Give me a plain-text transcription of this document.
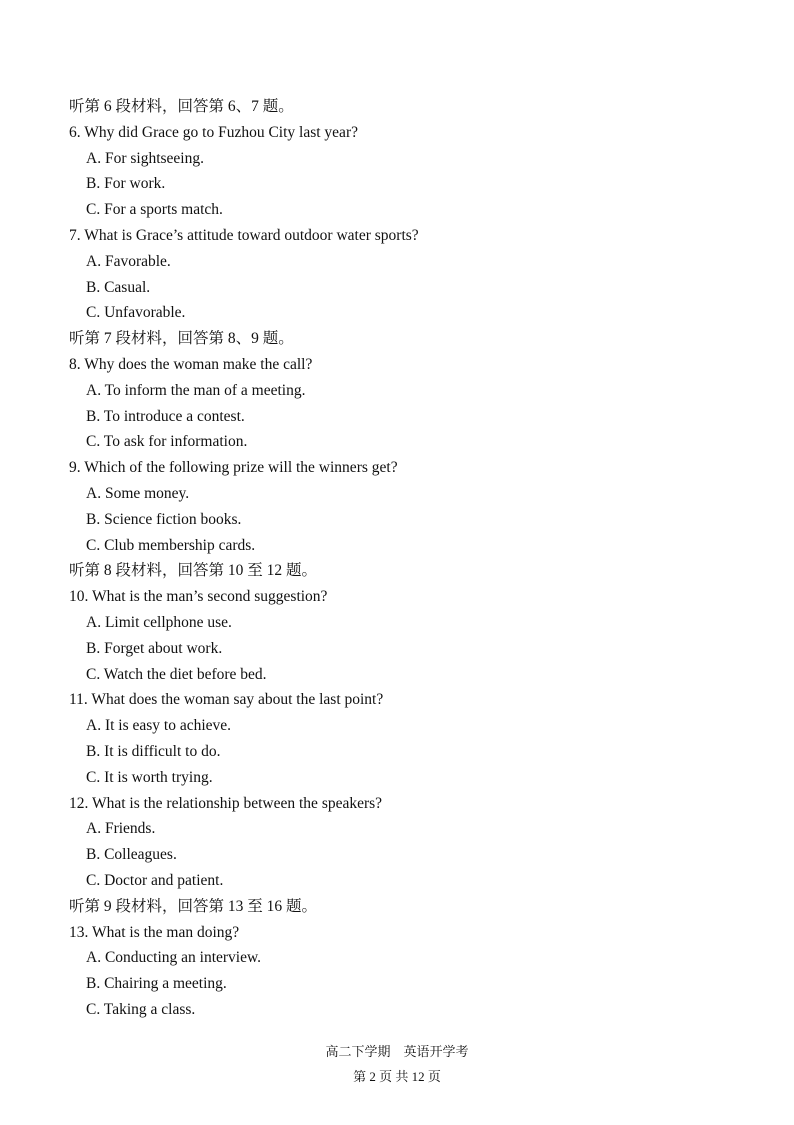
听第 6 段材料，回答第 6、7 题。
6. Why did Grace go to Fuzhou City last year?
A. For sightseeing.
B. For work.
C. For a sports match.
7. What is Grace’s attitude toward outdoor water sports?
A. Favorable.
B. Casual.
C. Unfavorable.
听第 7 段材料，回答第 8、9 题。
8. Why does the woman make the call?
A. To inform the man of a meeting.
B. To introduce a contest.
C. To ask for information.
9. Which of the following prize will the winners get?
A. Some money.
B. Science fiction books.
C. Club membership cards.
听第 8 段材料，回答第 10 至 12 题。
10. What is the man’s second suggestion?
A. Limit cellphone use.
B. Forget about work.
C. Watch the diet before bed.
11. What does the woman say about the last point?
A. It is easy to achieve.
B. It is difficult to do.
C. It is worth trying.
12. What is the relationship between the speakers?
A. Friends.
B. Colleagues.
C. Doctor and patient.
听第 9 段材料，回答第 13 至 16 题。
13. What is the man doing?
A. Conducting an interview.
B. Chairing a meeting.
C. Taking a class.
高二下学期　英语开学考
第 2 页 共 12 页
